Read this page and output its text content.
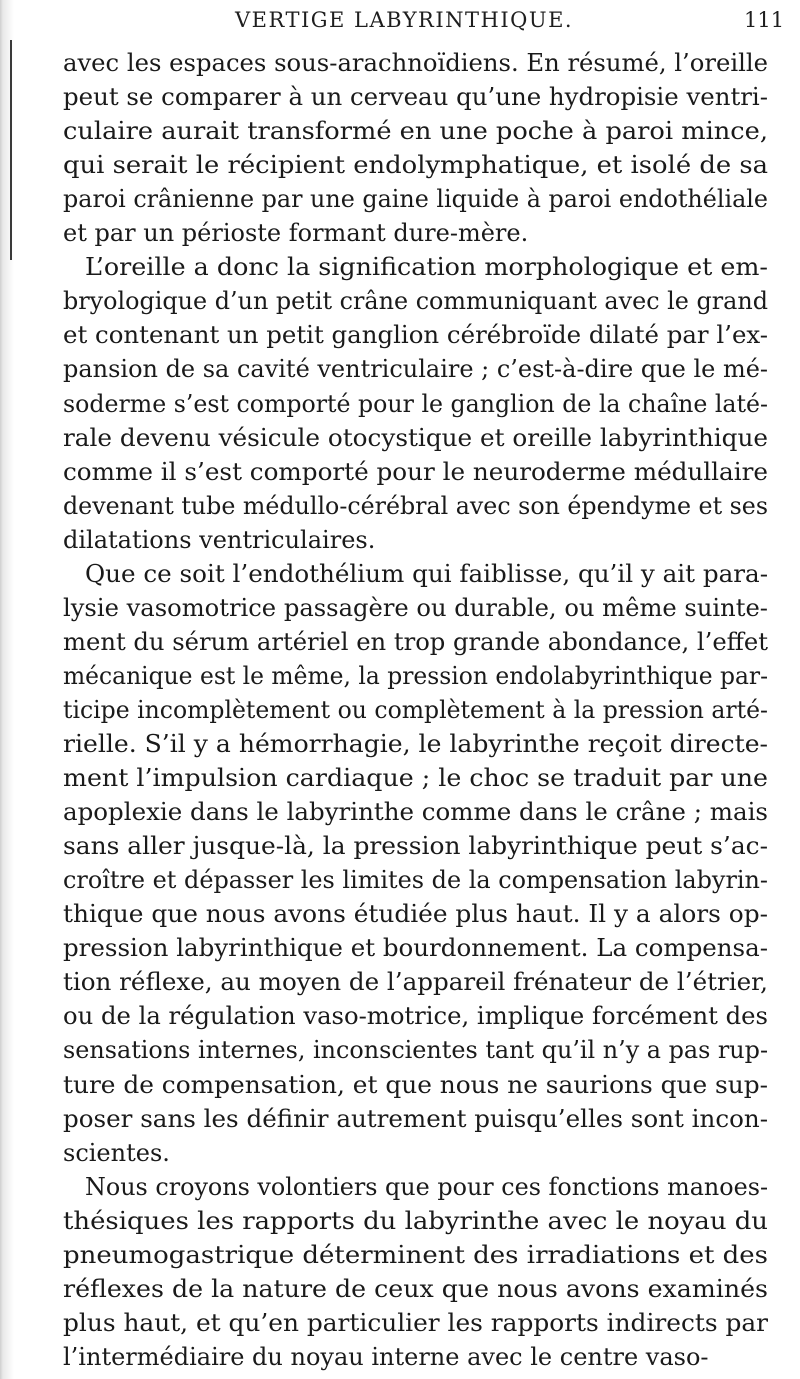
VERTIGE LABYRINTHIQUE.	111
avec les espaces sous-arachnoïdiens. En résumé, l’oreille
peut se comparer à un cerveau qu’une hydropisie ventri-
culaire aurait transformé en une poche à paroi mince,
qui serait le récipient endolymphatique, et isolé de sa
paroi crânienne par une gaine liquide à paroi endothéliale
et par un périoste formant dure-mère.
L’oreille a donc la signification morphologique et em-
bryologique d’un petit crâne communiquant avec le grand
et contenant un petit ganglion cérébroïde dilaté par l’ex-
pansion de sa cavité ventriculaire ; c’est-à-dire que le mé-
soderme s’est comporté pour le ganglion de la chaîne laté-
rale devenu vésicule otocystique et oreille labyrinthique
comme il s’est comporté pour le neuroderme médullaire
devenant tube médullo-cérébral avec son épendyme et ses
dilatations ventriculaires.
Que ce soit l’endothélium qui faiblisse, qu’il y ait para-
lysie vasomotrice passagère ou durable, ou même suinte-
ment du sérum artériel en trop grande abondance, l’effet
mécanique est le même, la pression endolabyrinthique par-
ticipe incomplètement ou complètement à la pression arté-
rielle. S’il y a hémorrhagie, le labyrinthe reçoit directe-
ment l’impulsion cardiaque ; le choc se traduit par une
apoplexie dans le labyrinthe comme dans le crâne ; mais
sans aller jusque-là, la pression labyrinthique peut s’ac-
croître et dépasser les limites de la compensation labyrin-
thique que nous avons étudiée plus haut. Il y a alors op-
pression labyrinthique et bourdonnement. La compensa-
tion réflexe, au moyen de l’appareil frénateur de l’étrier,
ou de la régulation vaso-motrice, implique forcément des
sensations internes, inconscientes tant qu’il n’y a pas rup-
ture de compensation, et que nous ne saurions que sup-
poser sans les définir autrement puisqu’elles sont incon-
scientes.
Nous croyons volontiers que pour ces fonctions manoes-
thésiques les rapports du labyrinthe avec le noyau du
pneumogastrique déterminent des irradiations et des
réflexes de la nature de ceux que nous avons examinés
plus haut, et qu’en particulier les rapports indirects par
l’intermédiaire du noyau interne avec le centre vaso-
